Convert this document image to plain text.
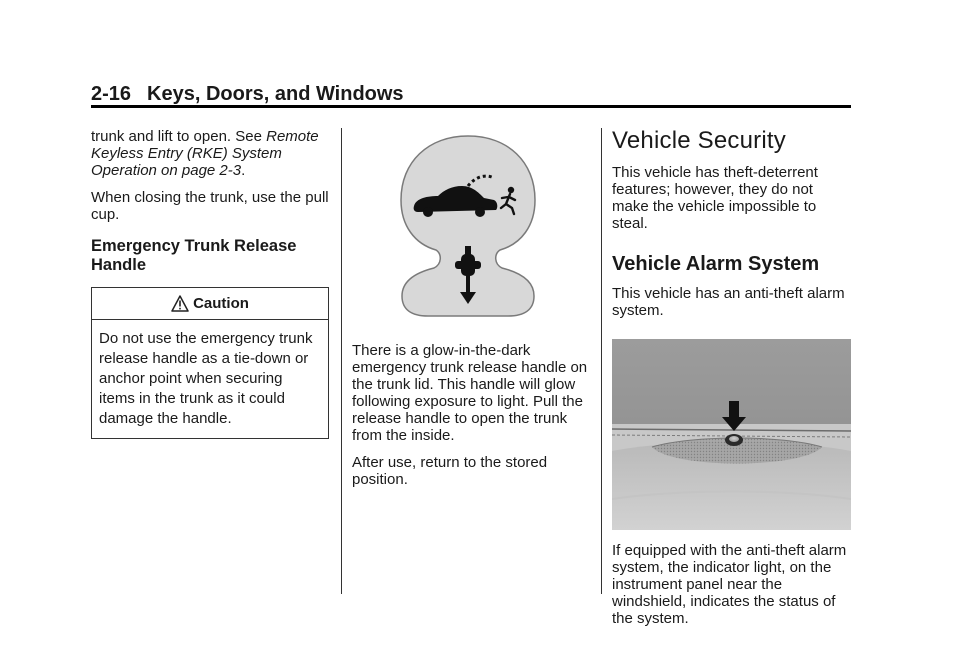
2-16 Keys, Doors, and Windows

trunk and lift to open. See Remote Keyless Entry (RKE) System Operation on page 2-3.

When closing the trunk, use the pull cup.

Emergency Trunk Release Handle
Caution
Do not use the emergency trunk release handle as a tie-down or anchor point when securing items in the trunk as it could damage the handle.

There is a glow-in-the-dark emergency trunk release handle on the trunk lid. This handle will glow following exposure to light. Pull the release handle to open the trunk from the inside.

After use, return to the stored position.

Vehicle Security

This vehicle has theft-deterrent features; however, they do not make the vehicle impossible to steal.

Vehicle Alarm System

This vehicle has an anti-theft alarm system.

If equipped with the anti-theft alarm system, the indicator light, on the instrument panel near the windshield, indicates the status of the system.
